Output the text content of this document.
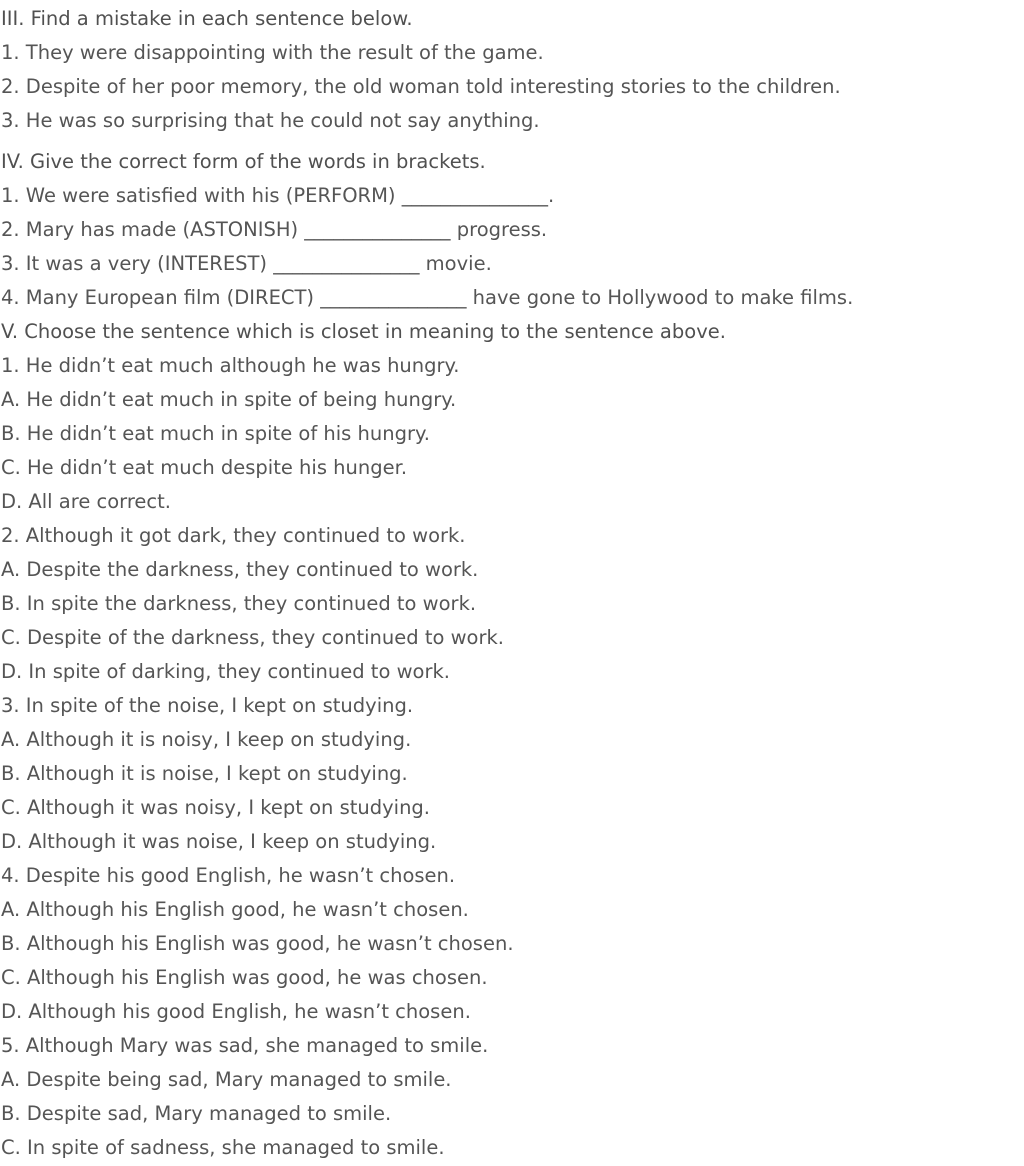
III. Find a mistake in each sentence below.
1. They were disappointing with the result of the game.
2. Despite of her poor memory, the old woman told interesting stories to the children.
3. He was so surprising that he could not say anything.
IV. Give the correct form of the words in brackets.
1. We were satisfied with his (PERFORM) _______________.
2. Mary has made (ASTONISH) _______________ progress.
3. It was a very (INTEREST) _______________ movie.
4. Many European film (DIRECT) _______________ have gone to Hollywood to make films.
V. Choose the sentence which is closet in meaning to the sentence above.
1. He didn’t eat much although he was hungry.
A. He didn’t eat much in spite of being hungry.
B. He didn’t eat much in spite of his hungry.
C. He didn’t eat much despite his hunger.
D. All are correct.
2. Although it got dark, they continued to work.
A. Despite the darkness, they continued to work.
B. In spite the darkness, they continued to work.
C. Despite of the darkness, they continued to work.
D. In spite of darking, they continued to work.
3. In spite of the noise, I kept on studying.
A. Although it is noisy, I keep on studying.
B. Although it is noise, I kept on studying.
C. Although it was noisy, I kept on studying.
D. Although it was noise, I keep on studying.
4. Despite his good English, he wasn’t chosen.
A. Although his English good, he wasn’t chosen.
B. Although his English was good, he wasn’t chosen.
C. Although his English was good, he was chosen.
D. Although his good English, he wasn’t chosen.
5. Although Mary was sad, she managed to smile.
A. Despite being sad, Mary managed to smile.
B. Despite sad, Mary managed to smile.
C. In spite of sadness, she managed to smile.
